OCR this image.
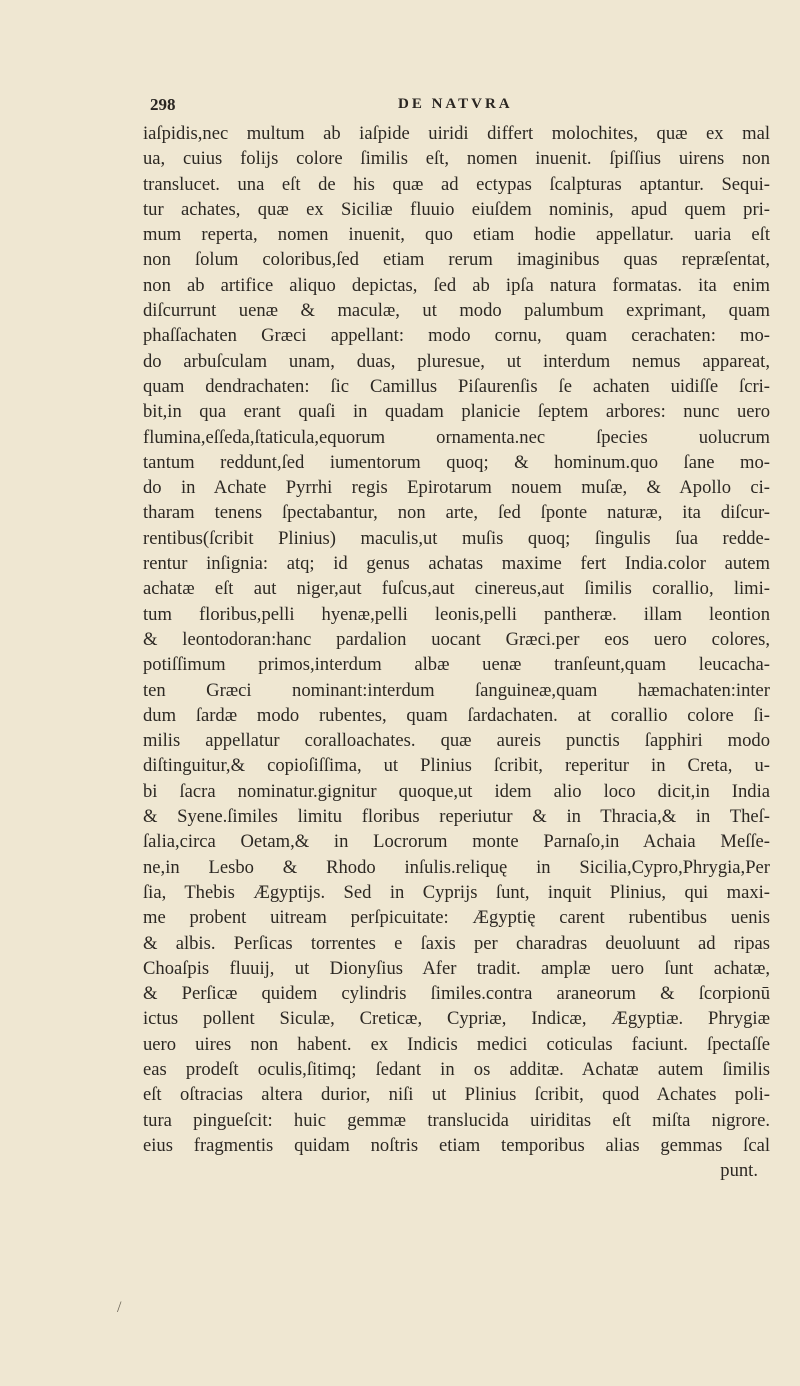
298	DE NATVRA
iaſpidis,nec multum ab iaſpide uiridi differt molochites, quæ ex mal
ua, cuius folijs colore ſimilis eſt, nomen inuenit. ſpiſſius uirens non
translucet. una eſt de his quæ ad ectypas ſcalpturas aptantur. Sequi-
tur achates, quæ ex Siciliæ fluuio eiuſdem nominis, apud quem pri-
mum reperta, nomen inuenit, quo etiam hodie appellatur. uaria eſt
non ſolum coloribus,ſed etiam rerum imaginibus quas repræſentat,
non ab artifice aliquo depictas, ſed ab ipſa natura formatas. ita enim
diſcurrunt uenæ & maculæ, ut modo palumbum exprimant, quam
phaſſachaten Græci appellant: modo cornu, quam cerachaten: mo-
do arbuſculam unam, duas, pluresue, ut interdum nemus appareat,
quam dendrachaten: ſic Camillus Piſaurenſis ſe achaten uidiſſe ſcri-
bit,in qua erant quaſi in quadam planicie ſeptem arbores: nunc uero
flumina,eſſeda,ſtaticula,equorum ornamenta.nec ſpecies uolucrum
tantum reddunt,ſed iumentorum quoq; & hominum.quo ſane mo-
do in Achate Pyrrhi regis Epirotarum nouem muſæ, & Apollo ci-
tharam tenens ſpectabantur, non arte, ſed ſponte naturæ, ita diſcur-
rentibus(ſcribit Plinius) maculis,ut muſis quoq; ſingulis ſua redde-
rentur inſignia: atq; id genus achatas maxime fert India.color autem
achatæ eſt aut niger,aut fuſcus,aut cinereus,aut ſimilis corallio, limi-
tum floribus,pelli hyenæ,pelli leonis,pelli pantheræ. illam leontion
& leontodoran:hanc pardalion uocant Græci.per eos uero colores,
potiſſimum primos,interdum albæ uenæ tranſeunt,quam leucacha-
ten Græci nominant:interdum ſanguineæ,quam hæmachaten:inter
dum ſardæ modo rubentes, quam ſardachaten. at corallio colore ſi-
milis appellatur coralloachates. quæ aureis punctis ſapphiri modo
diſtinguitur,& copioſiſſima, ut Plinius ſcribit, reperitur in Creta, u-
bi ſacra nominatur.gignitur quoque,ut idem alio loco dicit,in India
& Syene.ſimiles limitu floribus reperiutur & in Thracia,& in Theſ-
ſalia,circa Oetam,& in Locrorum monte Parnaſo,in Achaia Meſſe-
ne,in Lesbo & Rhodo inſulis.reliquę in Sicilia,Cypro,Phrygia,Per
ſia, Thebis Ægyptijs. Sed in Cyprijs ſunt, inquit Plinius, qui maxi-
me probent uitream perſpicuitate: Ægyptię carent rubentibus uenis
& albis. Perſicas torrentes e ſaxis per charadras deuoluunt ad ripas
Choaſpis fluuij, ut Dionyſius Afer tradit. amplæ uero ſunt achatæ,
& Perſicæ quidem cylindris ſimiles.contra araneorum & ſcorpionū
ictus pollent Siculæ, Creticæ, Cypriæ, Indicæ, Ægyptiæ. Phrygiæ
uero uires non habent. ex Indicis medici coticulas faciunt. ſpectaſſe
eas prodeſt oculis,ſitimq; ſedant in os additæ. Achatæ autem ſimilis
eſt oſtracias altera durior, niſi ut Plinius ſcribit, quod Achates poli-
tura pingueſcit: huic gemmæ translucida uiriditas eſt miſta nigrore.
eius fragmentis quidam noſtris etiam temporibus alias gemmas ſcal
punt.
/
